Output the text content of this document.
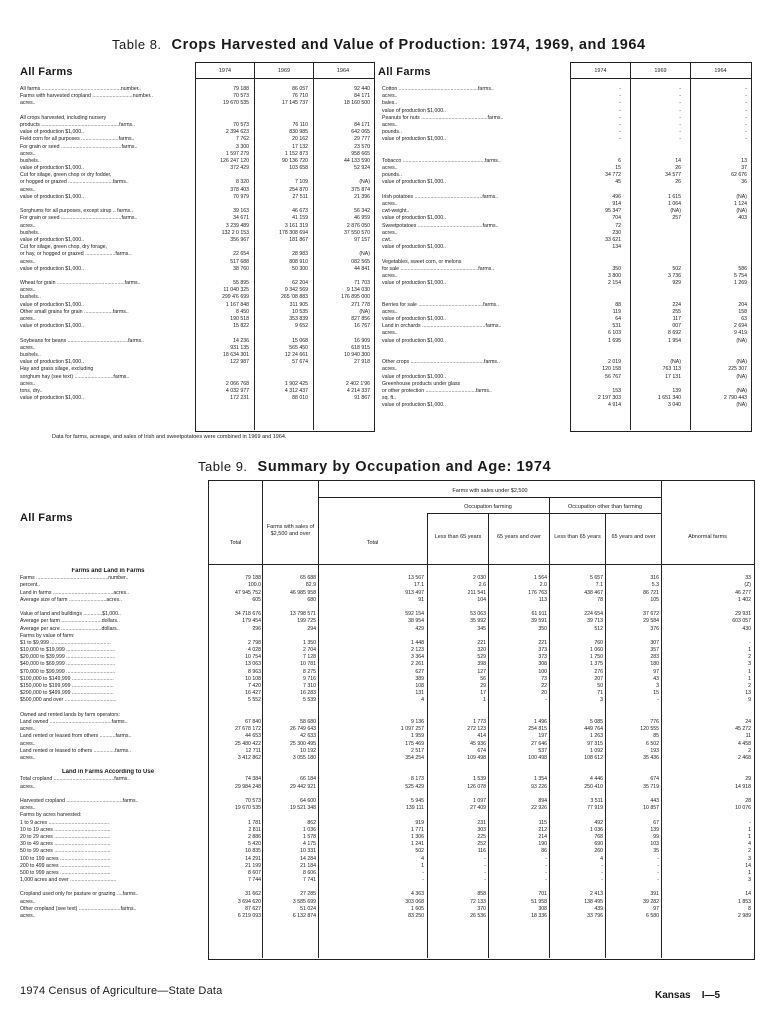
Table 8. Crops Harvested and Value of Production: 1974, 1969, and 1964
All Farms	All Farms
1974	1969	1964	1974	1969	1964
All farms .......................................................number..	79 188	86 057	92 440
Farms with harvested cropland ............................number..	70 573	76 710	84 171
acres..	19 670 535	17 145 737	18 160 500
All crops harvested, including nursery
products ......................................................farms..	70 573	76 110	84 171
value of production $1,000..	2 394 623	830 985	642 065
Field corn for all purposes ..........................farms..	7 762	20 162	29 777
For grain or seed ..........................................farms..	3 300	17 132	23 570
acres..	1 597 279	1 152 873	958 665
bushels..	126 247 120	90 136 720	44 133 590
value of production $1,000..	372 429	103 658	52 924
Cut for silage, green chop or dry fodder,
or hogged or grazed ...............................farms..	8 320	7 109	(NA)
acres..	378 403	254 870	375 874
value of production $1,000..	70 979	27 511	21 396
Sorghums for all purposes, except sirup .. farms..	39 163	46 673	56 342
For grain or seed ..........................................farms..	34 671	41 159	46 959
acres..	3 239 489	3 161 319	2 876 050
bushels..	132 2 0 153	178 308 694	37 550 570
value of production $1,000..	356 967	181 867	97 157
Cut for silage, green chop, dry forage,
or hay, or hogged or grazed .....................farms..	22 654	28 983	(NA)
acres..	517 688	808 910	082 565
value of production $1,000..	38 760	50 300	44 841
Wheat for grain ...............................................farms..	55 895	62 204	71 703
acres..	11 040 325	9 342 569	9 134 030
bushels..	299 4'6 699	265 '08 883	176 895 000
value of production $1,000..	1 167 848	311 905	271 778
Other small grains for grain ....................farms..	8 450	10 535	(NA)
acres..	190 518	353 839	827 856
value of production $1,000..	15 822	9 652	16 767
Soybeans for beans ..........................................farms..	14 236	15 068	16 909
acres..	931 135	565 450	618 915
bushels..	18 634 301	12 24 661	10 940 300
value of production $1,000..	122 987	57 674	27 918
Hay and grass silage, excluding
sorghum hay (see text) ...........................farms..
acres..	2 066 768	1 902 425	2 402 1'96
tons, dry..	4 032 977	4 312 437	4 214 337
value of production $1,000..	172 231	88 010	91 867
Cotton .......................................................farms..	-	-	-
acres..	-	-	-
bales..	-	-	-
value of production $1,000..	-	-	-
Peanuts for nuts ..............................................farms..	-	-	-
acres..	-	-	-
pounds..	-	-	-
value of production $1,000..	-	-	-
Tobacco .........................................................farms..	6	14	13
acres..	15	26	37
pounds..	34 772	34 577	62 676
value of production $1,000..	45	26	36
Irish potatoes ...............................................farms..	496	1 615	(NA)
acres..	914	1 064	1 124
cwt-weight..	95 34?	(NA)	(NA)
value of production $1,000..	704	257	403
Sweetpotatoes .............................................farms..	72
acres..	230
cwt..	33 621
value of production $1,000..	134
Vegetables, sweet corn, or melons
for sale ......................................................farms..	350	502	586
acres..	3 800	3 736	5 754
value of production $1,000..	2 154	929	1 269
Berries for sale .............................................farms..	88	224	204
acres..	119	255	158
value of production $1,000..	64	117	63
Land in orchards ............................................farms..	531	007	2 694
acres..	6 103	8 692	9 419
value of production $1,000..	1 695	1 954	(NA)
Other crops ...................................................farms..	2 019	(NA)	(NA)
acres..	120 158	763 113	225 307
value of production $1,000..	56 767	17 131	(NA)
Greenhouse products under glass
or other protection ...................................farms..	153	139	(NA)
sq. ft..	2 197 303	1 651 340	2 790 443
value of production $1,000..	4 914	3 040	(NA)
Data for farms, acreage, and sales of Irish and sweetpotatoes were combined in 1969 and 1964.
Table 9. Summary by Occupation and Age: 1974
All Farms
Farms with sales under $2,500
Occupation farming	Occupation other than farming
Total
Farms with sales of $2,500 and over
Total
Less than 65 years	65 years and over	Less than 65 years	65 years and over	Abnormal farms
Farms and Land in Farms
Farms ..................................................number..	79 188	65 688	13 567	2 030	1 564	5 657	316	33
percent..	100.0	82.9	17.1	2.6	2.0	7.1	5.3	(Z)
Land in farms ..........................................acres..	47 945 752	46 985 958	913 497	211 541	176 763	438 467	86 721	46 277
Average size of farm ..........................acres..	605	680	91	104	113	78	105	1 402
Value of land and buildings .............$1,000..	34 718 676	13 798 571	592 154	53 063	61 911	224 654	37 672	29 931
Average per farm ............................dollars..	179 454	199 725	38 954	35 992	39 591	39 713	29 584	603 057
Average per acre ............................dollars..	296	294	429	345	350	512	376	430
Farms by value of farm:
$1 to $9,999 ..........................................	2 798	1 350	1 448	221	221	760	307	-
$10,000 to $19,999 ..................................	4 028	2 704	2 123	320	373	1 060	357	1
$20,000 to $39,999 ..................................	10 754	7 128	3 364	529	373	1 750	283	2
$40,000 to $69,999 ..................................	13 063	10 781	2 261	398	308	1 375	180	3
$70,000 to $99,999 ..................................	8 963	8 275	627	127	100	276	97	1
$100,000 to $149,999 .............................	10 108	9 716	389	56	73	207	43	1
$150,000 to $199,999 .............................	7 420	7 310	108	29	22	50	3	2
$200,000 to $499,999 .............................	16 427	16 283	131	17	20	71	15	13
$500,000 and over ....................................	5 552	5 539	4	1	-	3	-	9
Owned and rented lands by farm operators:
Land owned ...........................................farms..	67 840	58 680	9 136	1 773	1 496	5 085	776	24
acres..	27 678 172	26 749 643	1 097 257	272 123	254 815	449 764	120 555	45 272
Land rented or leased from others ...........farms..	44 653	42 633	1 959	414	197	1 263	85	11
acres..	25 480 422	25 300 495	175 469	45 936	27 646	97 315	6 502	4 458
Land rented or leased to others ...............farms..	12 711	10 192	2 517	674	537	1 092	193	2
acres..	3 412 862	3 055 180	354 254	109 498	100 498	108 612	35 436	2 468
Land in Farms According to Use
Total cropland ..........................................farms..	74 384	66 184	8 173	1 539	1 354	4 446	674	29
acres..	29 984 248	29 442 921	525 429	126 078	93 226	250 410	35 719	14 918
Harvested cropland .......................................farms..	70 573	64 600	5 945	1 097	894	3 511	443	28
acres..	19 670 535	19 521 348	139 111	27 409	22 926	77 919	10 857	10 076
Farms by acres harvested:
1 to 9 acres ..........................................	1 781	862	919	231	115	492	67	-
10 to 19 acres .......................................	2 811	1 036	1 771	303	212	1 036	139	1
20 to 29 acres .......................................	2 886	1 578	1 306	225	214	768	99	1
30 to 49 acres .......................................	5 420	4 175	1 241	252	190	690	103	4
50 to 99 acres .......................................	10 835	10 331	502	116	86	260	35	2
100 to 199 acres ...................................	14 291	14 284	4	-	-	4	-	3
200 to 499 acres ...................................	21 199	21 184	1	-	-	-	-	14
500 to 999 acres ...................................	8 607	8 606	-	-	-	-	-	1
1,000 acres and over ................................	7 744	7 741	-	-	-	-	-	3
Cropland used only for pasture or grazing ....farms..	31 662	27 285	4 363	858	701	2 413	391	14
acres..	3 694 620	3 585 699	303 068	72 133	51 958	138 495	39 282	1 853
Other cropland (see text) .............................farms..	87 627	51 024	1 605	370	308	439	97	8
acres..	6 219 093	6 132 874	83 250	26 536	18 336	33 796	6 580	2 989
1974 Census of Agriculture—State Data	Kansas    I—5
